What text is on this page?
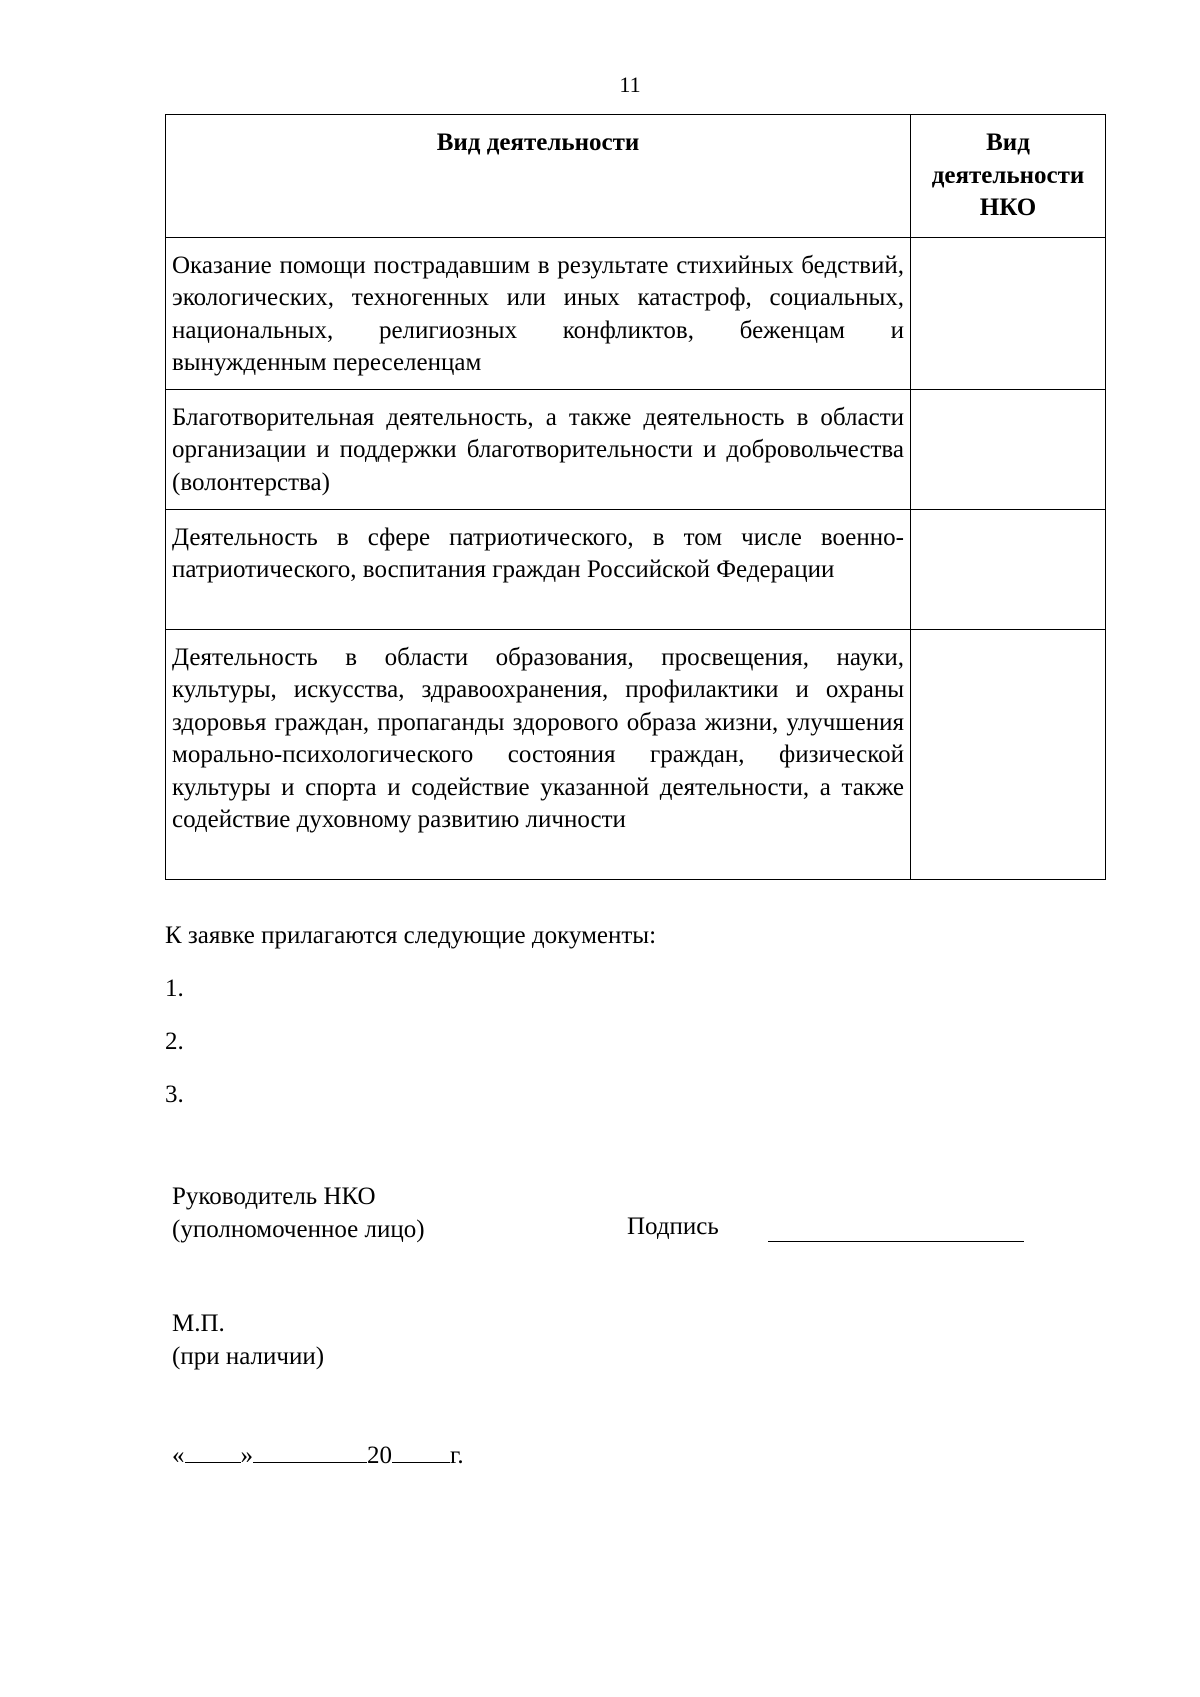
11
Вид деятельности	Вид деятельности НКО
Оказание помощи пострадавшим в результате стихийных бедствий, экологических, техногенных или иных катастроф, социальных, национальных, религиозных конфликтов, беженцам и вынужденным переселенцам	
Благотворительная деятельность, а также деятельность в области организации и поддержки благотворительности и добровольчества (волонтерства)	
Деятельность в сфере патриотического, в том числе военно-патриотического, воспитания граждан Российской Федерации	
Деятельность в области образования, просвещения, науки, культуры, искусства, здравоохранения, профилактики и охраны здоровья граждан, пропаганды здорового образа жизни, улучшения морально-психологического состояния граждан, физической культуры и спорта и содействие указанной деятельности, а также содействие духовному развитию личности	
К заявке прилагаются следующие документы:
1.
2.
3.
Руководитель НКО
(уполномоченное лицо)	Подпись
М.П.
(при наличии)
« »	20 г.
